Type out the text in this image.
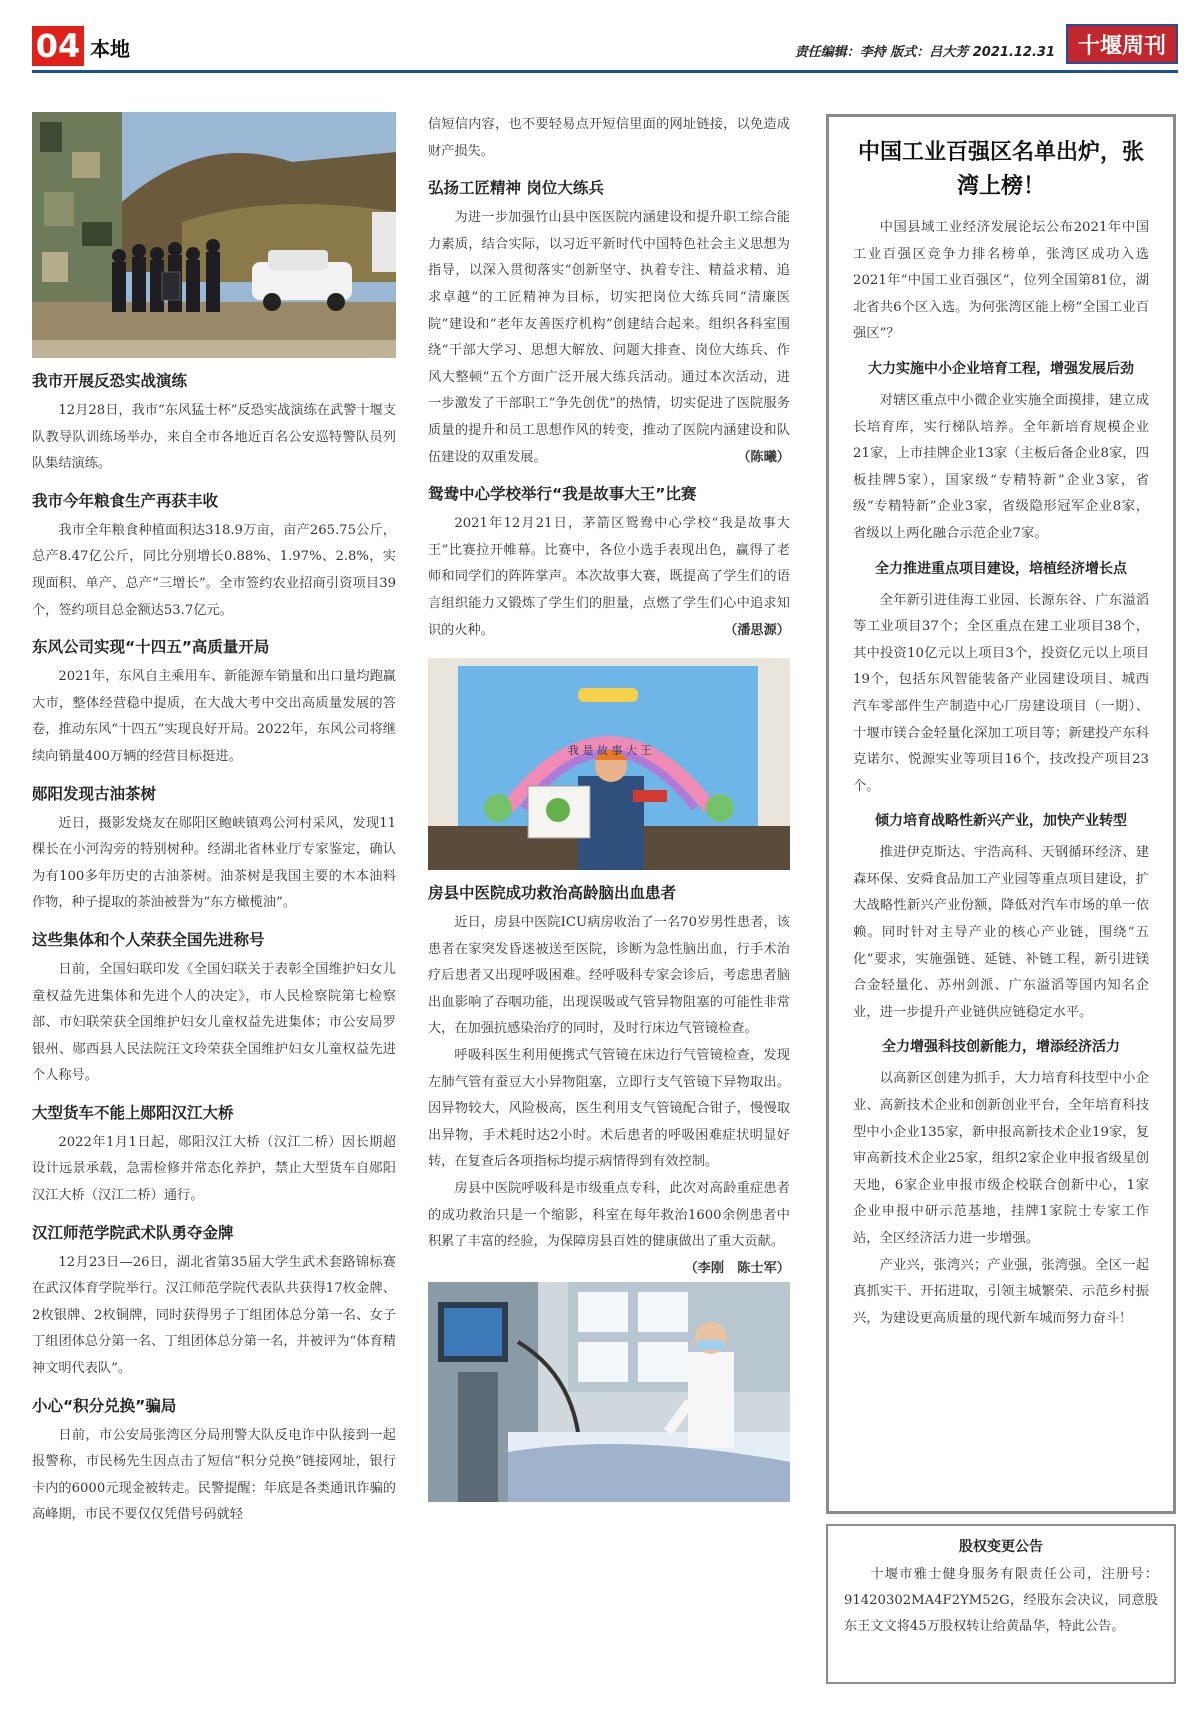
04 本地	责任编辑：李持 版式：吕大芳 2021.12.31	十堰周刊
我市开展反恐实战演练

12月28日，我市“东风猛士杯”反恐实战演练在武警十堰支队教导队训练场举办，来自全市各地近百名公安巡特警队员列队集结演练。

我市今年粮食生产再获丰收

我市全年粮食种植面积达318.9万亩，亩产265.75公斤，总产8.47亿公斤，同比分别增长0.88%、1.97%、2.8%，实现面积、单产、总产“三增长”。全市签约农业招商引资项目39个，签约项目总金额达53.7亿元。

东风公司实现“十四五”高质量开局

2021年，东风自主乘用车、新能源车销量和出口量均跑赢大市，整体经营稳中提质，在大战大考中交出高质量发展的答卷，推动东风“十四五”实现良好开局。2022年，东风公司将继续向销量400万辆的经营目标挺进。

郧阳发现古油茶树

近日，摄影发烧友在郧阳区鲍峡镇鸡公河村采风，发现11棵长在小河沟旁的特别树种。经湖北省林业厅专家鉴定，确认为有100多年历史的古油茶树。油茶树是我国主要的木本油料作物，种子提取的茶油被誉为“东方橄榄油”。

这些集体和个人荣获全国先进称号

日前，全国妇联印发《全国妇联关于表彰全国维护妇女儿童权益先进集体和先进个人的决定》，市人民检察院第七检察部、市妇联荣获全国维护妇女儿童权益先进集体；市公安局罗银州、郧西县人民法院汪文玲荣获全国维护妇女儿童权益先进个人称号。

大型货车不能上郧阳汉江大桥

2022年1月1日起，郧阳汉江大桥（汉江二桥）因长期超设计远景承载，急需检修并常态化养护，禁止大型货车自郧阳汉江大桥（汉江二桥）通行。

汉江师范学院武术队勇夺金牌

12月23日—26日，湖北省第35届大学生武术套路锦标赛在武汉体育学院举行。汉江师范学院代表队共获得17枚金牌、2枚银牌、2枚铜牌，同时获得男子丁组团体总分第一名、女子丁组团体总分第一名、丁组团体总分第一名，并被评为“体育精神文明代表队”。

小心“积分兑换”骗局

日前，市公安局张湾区分局刑警大队反电诈中队接到一起报警称，市民杨先生因点击了短信“积分兑换”链接网址，银行卡内的6000元现金被转走。民警提醒：年底是各类通讯诈骗的高峰期，市民不要仅仅凭借号码就轻

信短信内容，也不要轻易点开短信里面的网址链接，以免造成财产损失。

弘扬工匠精神 岗位大练兵

为进一步加强竹山县中医医院内涵建设和提升职工综合能力素质，结合实际，以习近平新时代中国特色社会主义思想为指导，以深入贯彻落实“创新坚守、执着专注、精益求精、追求卓越”的工匠精神为目标，切实把岗位大练兵同“清廉医院”建设和“老年友善医疗机构”创建结合起来。组织各科室围绕“干部大学习、思想大解放、问题大排查、岗位大练兵、作风大整顿”五个方面广泛开展大练兵活动。通过本次活动，进一步激发了干部职工“争先创优”的热情，切实促进了医院服务质量的提升和员工思想作风的转变，推动了医院内涵建设和队伍建设的双重发展。	（陈曦）

鸳鸯中心学校举行“我是故事大王”比赛

2021年12月21日，茅箭区鸳鸯中心学校“我是故事大王”比赛拉开帷幕。比赛中，各位小选手表现出色，赢得了老师和同学们的阵阵掌声。本次故事大赛，既提高了学生们的语言组织能力又锻炼了学生们的胆量，点燃了学生们心中追求知识的火种。	（潘思源）

我 是 故 事 大 王
房县中医院成功救治高龄脑出血患者

近日，房县中医院ICU病房收治了一名70岁男性患者，该患者在家突发昏迷被送至医院，诊断为急性脑出血，行手术治疗后患者又出现呼吸困难。经呼吸科专家会诊后，考虑患者脑出血影响了吞咽功能，出现误吸或气管异物阻塞的可能性非常大，在加强抗感染治疗的同时，及时行床边气管镜检查。

呼吸科医生利用便携式气管镜在床边行气管镜检查，发现左肺气管有蚕豆大小异物阻塞，立即行支气管镜下异物取出。因异物较大，风险极高，医生利用支气管镜配合钳子，慢慢取出异物，手术耗时达2小时。术后患者的呼吸困难症状明显好转，在复查后各项指标均提示病情得到有效控制。

房县中医院呼吸科是市级重点专科，此次对高龄重症患者的成功救治只是一个缩影，科室在每年救治1600余例患者中积累了丰富的经验，为保障房县百姓的健康做出了重大贡献。
（李刚　陈士军）

中国工业百强区名单出炉，张湾上榜！

中国县域工业经济发展论坛公布2021年中国工业百强区竞争力排名榜单，张湾区成功入选2021年“中国工业百强区”，位列全国第81位，湖北省共6个区入选。为何张湾区能上榜“全国工业百强区”？

大力实施中小企业培育工程，增强发展后劲

对辖区重点中小微企业实施全面摸排，建立成长培育库，实行梯队培养。全年新培育规模企业21家，上市挂牌企业13家（主板后备企业8家，四板挂牌5家），国家级“专精特新”企业3家，省级“专精特新”企业3家，省级隐形冠军企业8家，省级以上两化融合示范企业7家。

全力推进重点项目建设，培植经济增长点

全年新引进佳海工业园、长源东谷、广东溢滔等工业项目37个；全区重点在建工业项目38个，其中投资10亿元以上项目3个，投资亿元以上项目19个，包括东风智能装备产业园建设项目、城西汽车零部件生产制造中心厂房建设项目（一期）、十堰市镁合金轻量化深加工项目等；新建投产东科克诺尔、悦源实业等项目16个，技改投产项目23个。

倾力培育战略性新兴产业，加快产业转型

推进伊克斯达、宇浩高科、天钢循环经济、建森环保、安舜食品加工产业园等重点项目建设，扩大战略性新兴产业份额，降低对汽车市场的单一依赖。同时针对主导产业的核心产业链，围绕“五化”要求，实施强链、延链、补链工程，新引进镁合金轻量化、苏州剑派、广东溢滔等国内知名企业，进一步提升产业链供应链稳定水平。

全力增强科技创新能力，增添经济活力

以高新区创建为抓手，大力培育科技型中小企业、高新技术企业和创新创业平台，全年培育科技型中小企业135家，新申报高新技术企业19家，复审高新技术企业25家，组织2家企业申报省级星创天地，6家企业申报市级企校联合创新中心，1家企业申报中研示范基地，挂牌1家院士专家工作站，全区经济活力进一步增强。

产业兴，张湾兴；产业强，张湾强。全区一起真抓实干、开拓进取，引领主城繁荣、示范乡村振兴，为建设更高质量的现代新车城而努力奋斗！

股权变更公告

十堰市雅士健身服务有限责任公司，注册号：91420302MA4F2YM52G，经股东会决议，同意股东王文文将45万股权转让给黄晶华，特此公告。
